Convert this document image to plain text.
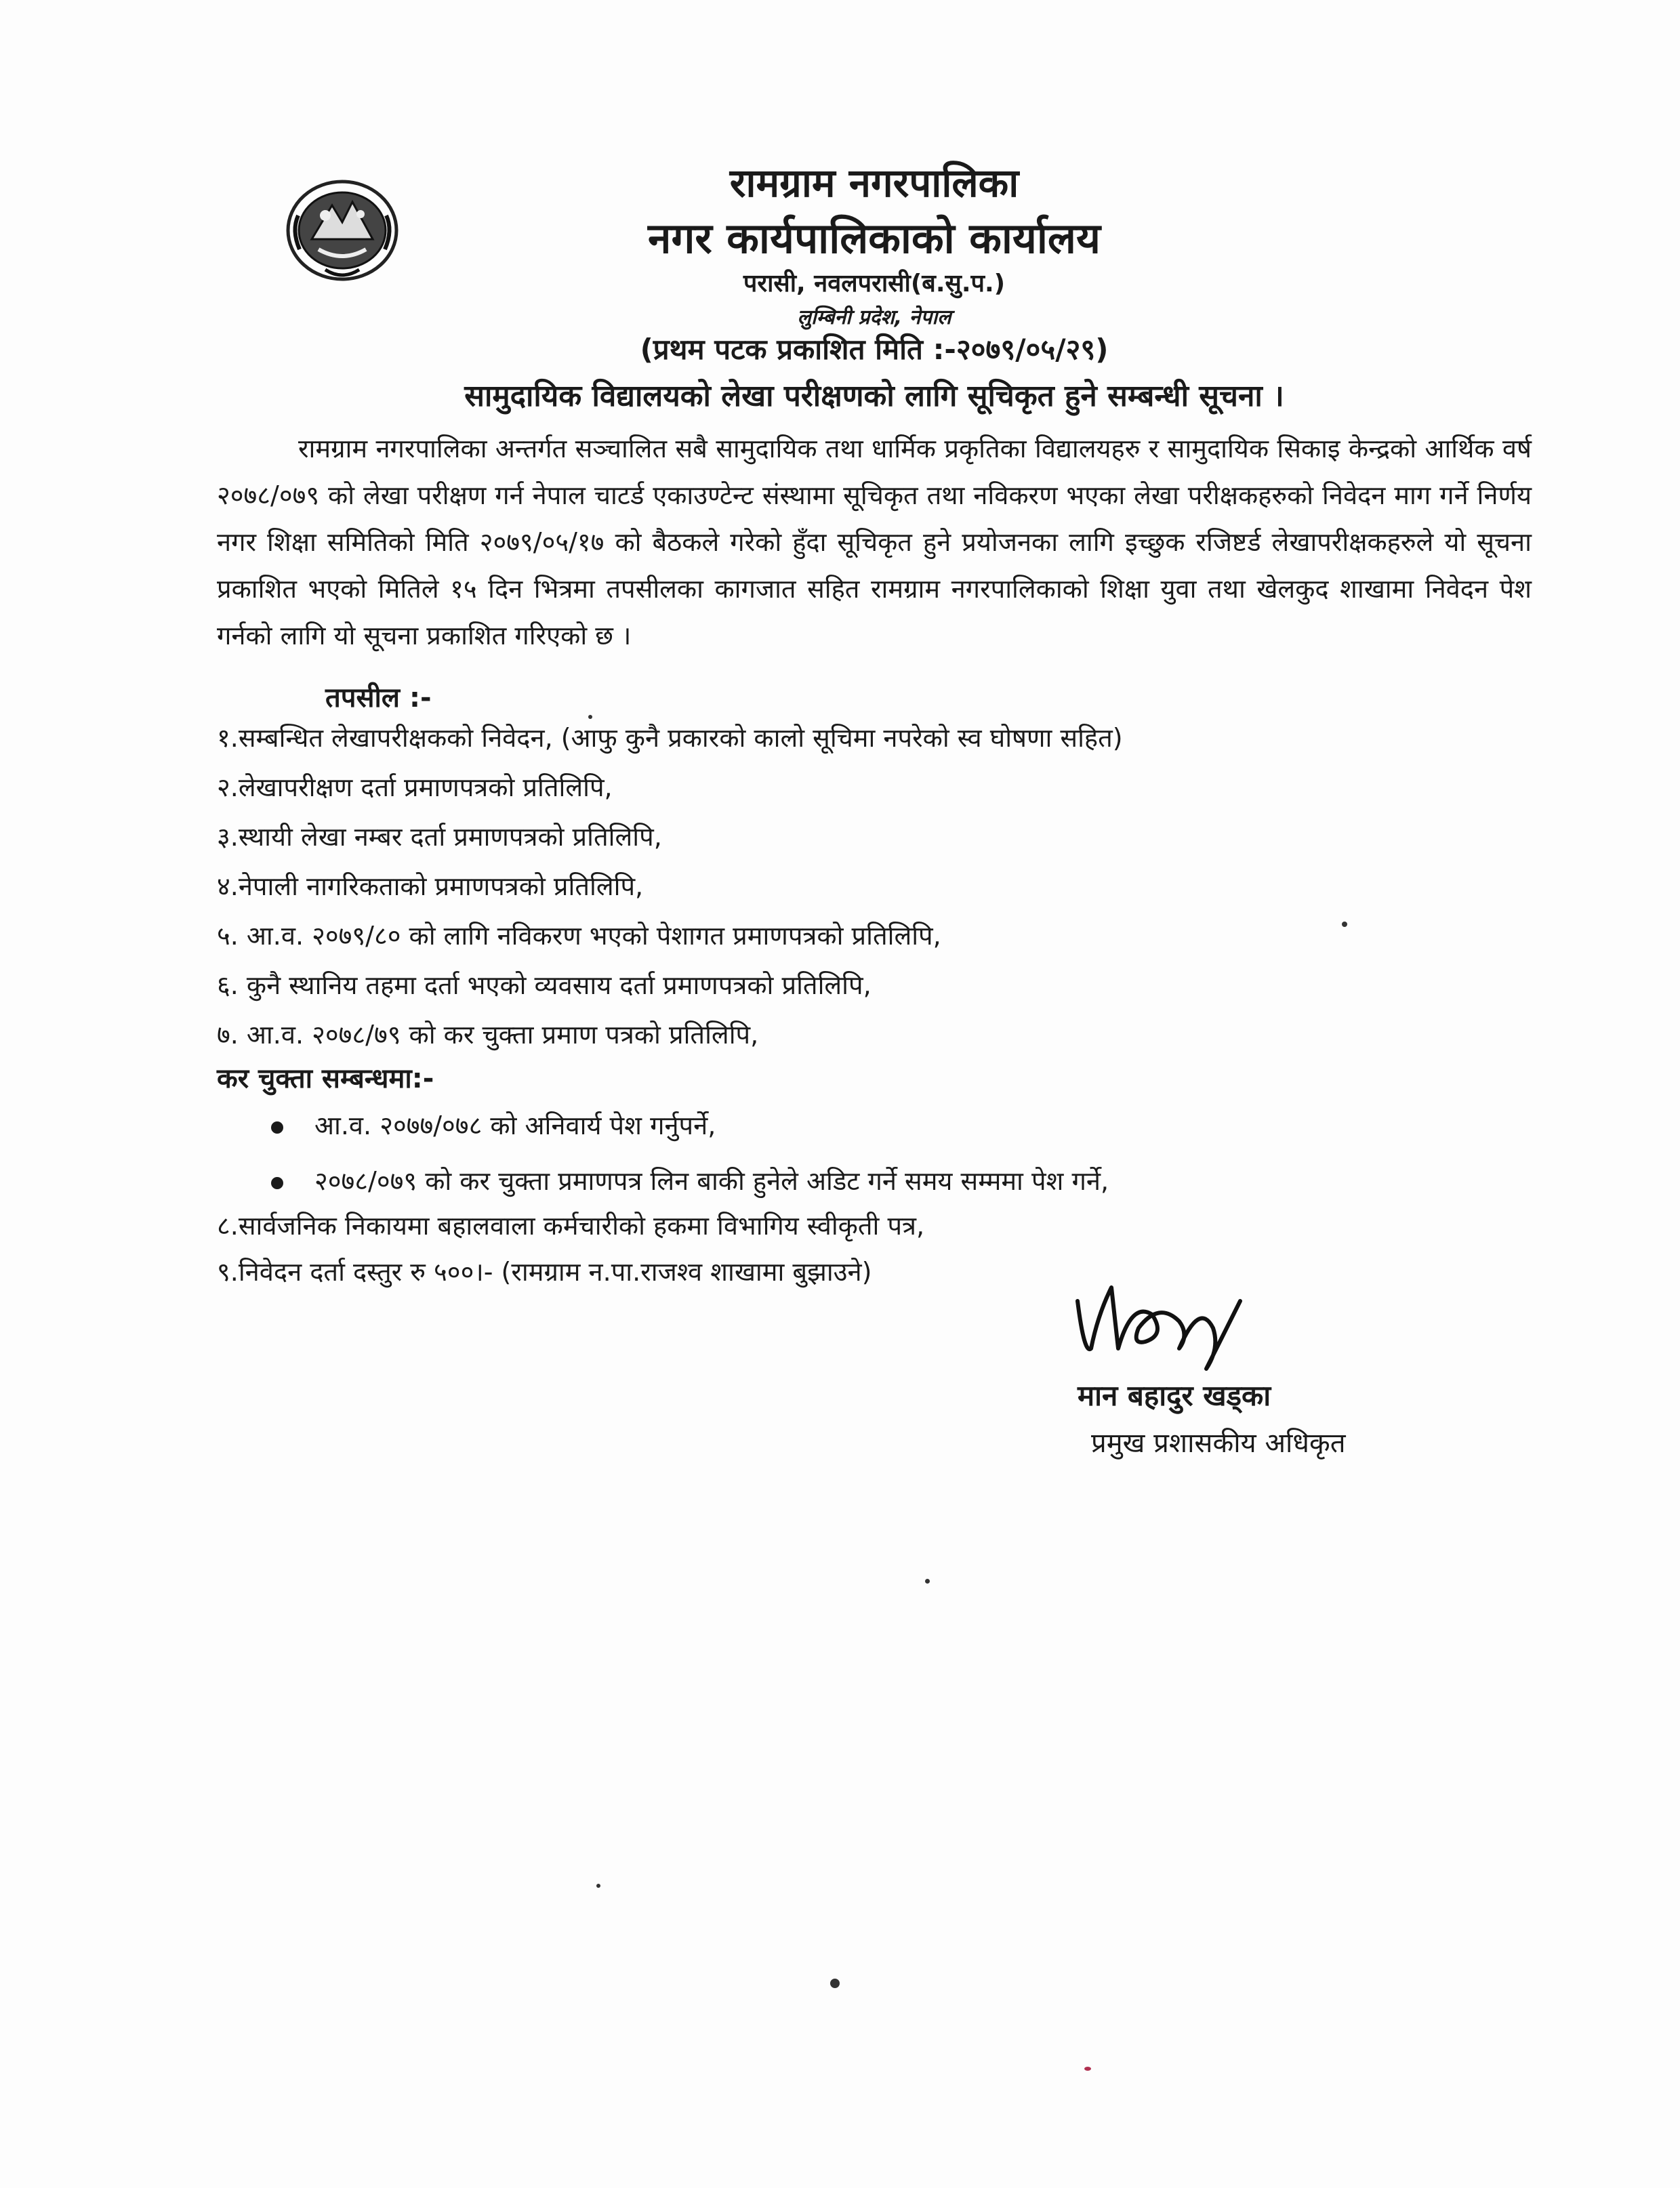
रामग्राम नगरपालिका
नगर कार्यपालिकाको कार्यालय
परासी, नवलपरासी(ब.सु.प.)
लुम्बिनी प्रदेश, नेपाल
(प्रथम पटक प्रकाशित मिति :-२०७९/०५/२९)
सामुदायिक विद्यालयको लेखा परीक्षणको लागि सूचिकृत हुने सम्बन्धी सूचना ।
रामग्राम नगरपालिका अन्तर्गत सञ्चालित सबै सामुदायिक तथा धार्मिक प्रकृतिका विद्यालयहरु र सामुदायिक सिकाइ केन्द्रको आर्थिक वर्ष २०७८/०७९ को लेखा परीक्षण गर्न नेपाल चाटर्ड एकाउण्टेन्ट संस्थामा सूचिकृत तथा नविकरण भएका लेखा परीक्षकहरुको निवेदन माग गर्ने निर्णय नगर शिक्षा समितिको मिति २०७९/०५/१७ को बैठकले गरेको हुँदा सूचिकृत हुने प्रयोजनका लागि इच्छुक रजिष्टर्ड लेखापरीक्षकहरुले यो सूचना प्रकाशित भएको मितिले १५ दिन भित्रमा तपसीलका कागजात सहित रामग्राम नगरपालिकाको शिक्षा युवा तथा खेलकुद शाखामा निवेदन पेश गर्नको लागि यो सूचना प्रकाशित गरिएको छ ।
तपसील :-
१.सम्बन्धित लेखापरीक्षकको निवेदन, (आफु कुनै प्रकारको कालो सूचिमा नपरेको स्व घोषणा सहित)
२.लेखापरीक्षण दर्ता प्रमाणपत्रको प्रतिलिपि,
३.स्थायी लेखा नम्बर दर्ता प्रमाणपत्रको प्रतिलिपि,
४.नेपाली नागरिकताको प्रमाणपत्रको प्रतिलिपि,
५. आ.व. २०७९/८० को लागि नविकरण भएको पेशागत प्रमाणपत्रको प्रतिलिपि,
६. कुनै स्थानिय तहमा दर्ता भएको व्यवसाय दर्ता प्रमाणपत्रको प्रतिलिपि,
७. आ.व. २०७८/७९ को कर चुक्ता प्रमाण पत्रको प्रतिलिपि,
कर चुक्ता सम्बन्धमा:-
आ.व. २०७७/०७८ को अनिवार्य पेश गर्नुपर्ने,
२०७८/०७९ को कर चुक्ता प्रमाणपत्र लिन बाकी हुनेले अडिट गर्ने समय सम्ममा पेश गर्ने,
८.सार्वजनिक निकायमा बहालवाला कर्मचारीको हकमा विभागिय स्वीकृती पत्र,
९.निवेदन दर्ता दस्तुर रु ५००।- (रामग्राम न.पा.राजश्व शाखामा बुझाउने)
मान बहादुर खड्का
प्रमुख प्रशासकीय अधिकृत
